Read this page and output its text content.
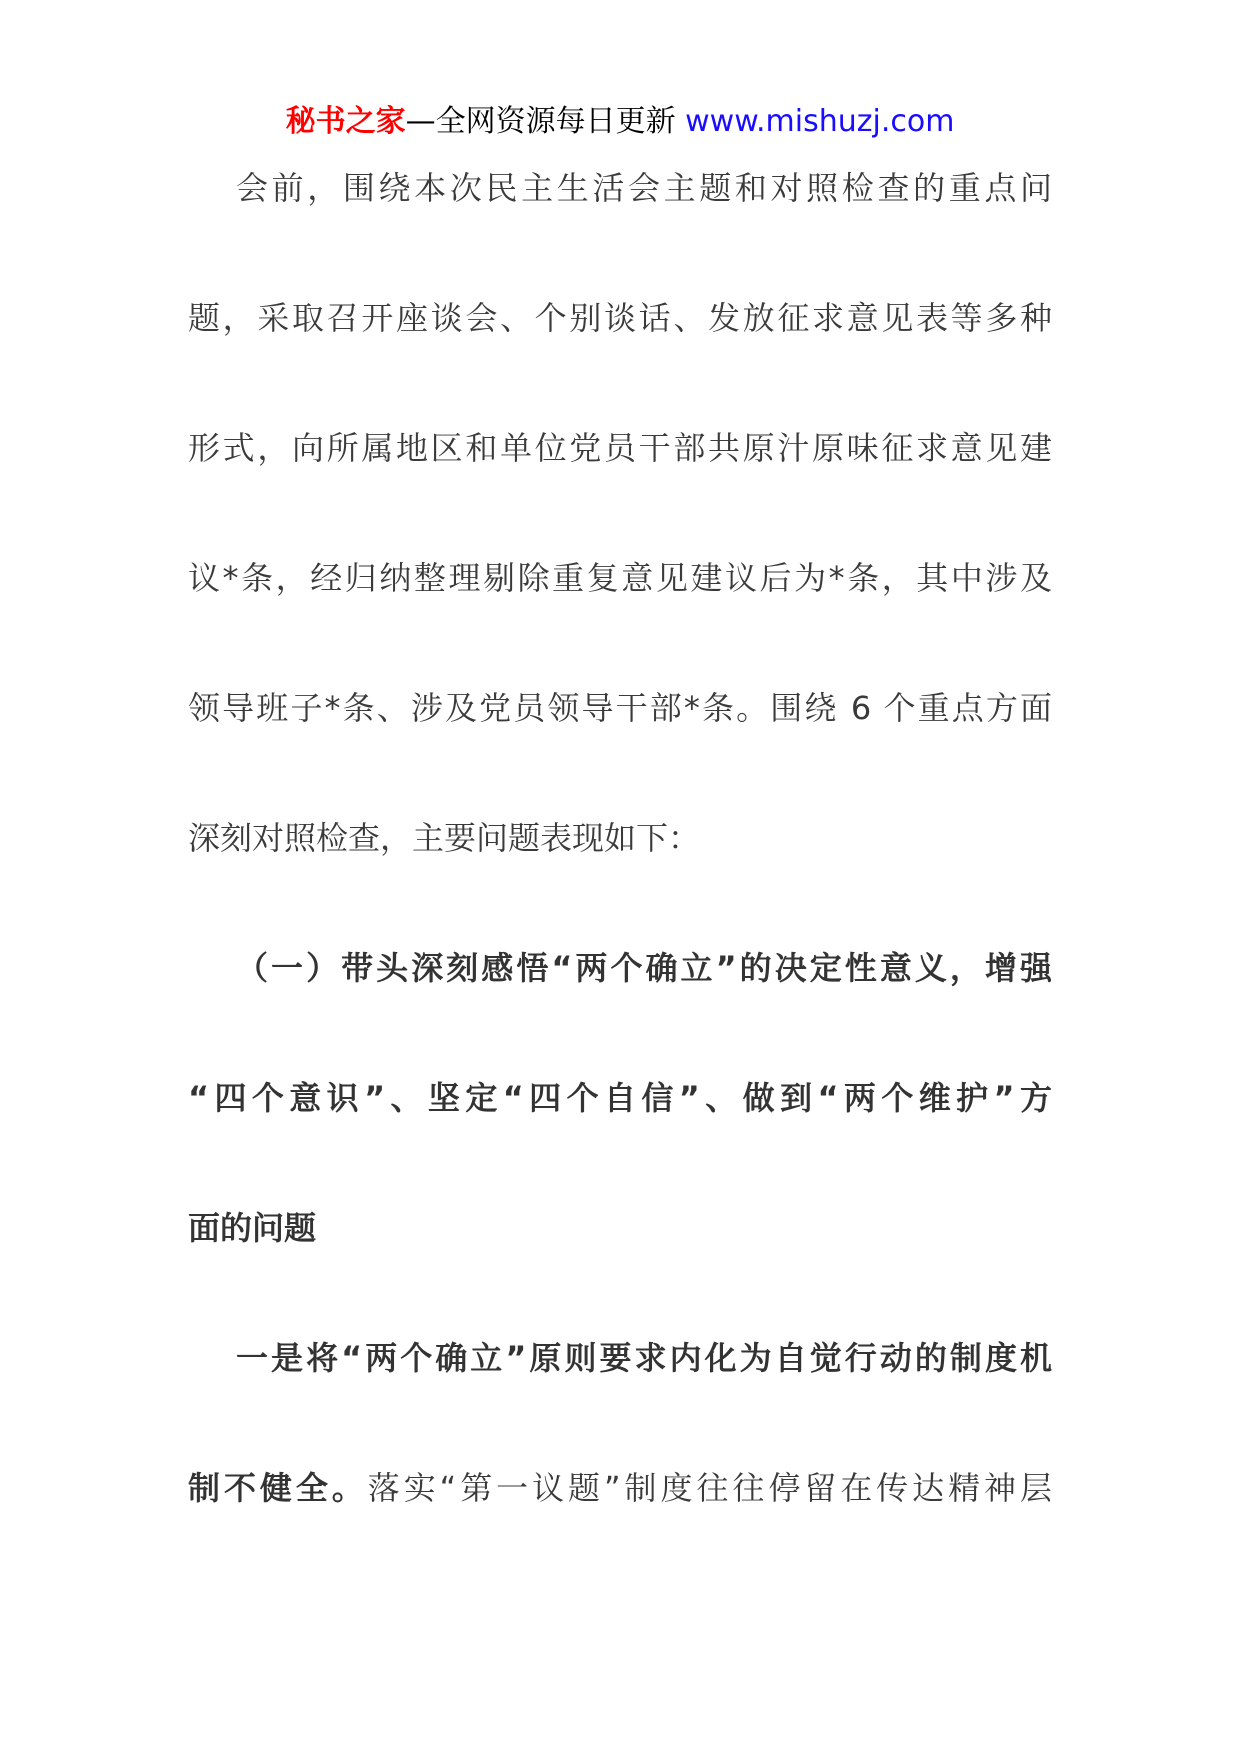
秘书之家—全网资源每日更新 www.mishuzj.com
会前，围绕本次民主生活会主题和对照检查的重点问
题，采取召开座谈会、个别谈话、发放征求意见表等多种
形式，向所属地区和单位党员干部共原汁原味征求意见建
议*条，经归纳整理剔除重复意见建议后为*条，其中涉及
领导班子*条、涉及党员领导干部*条。围绕 6 个重点方面
深刻对照检查，主要问题表现如下：
（一）带头深刻感悟“两个确立”的决定性意义，增强
“四个意识”、坚定“四个自信”、做到“两个维护”方
面的问题
一是将“两个确立”原则要求内化为自觉行动的制度机
制不健全。落实“第一议题”制度往往停留在传达精神层
